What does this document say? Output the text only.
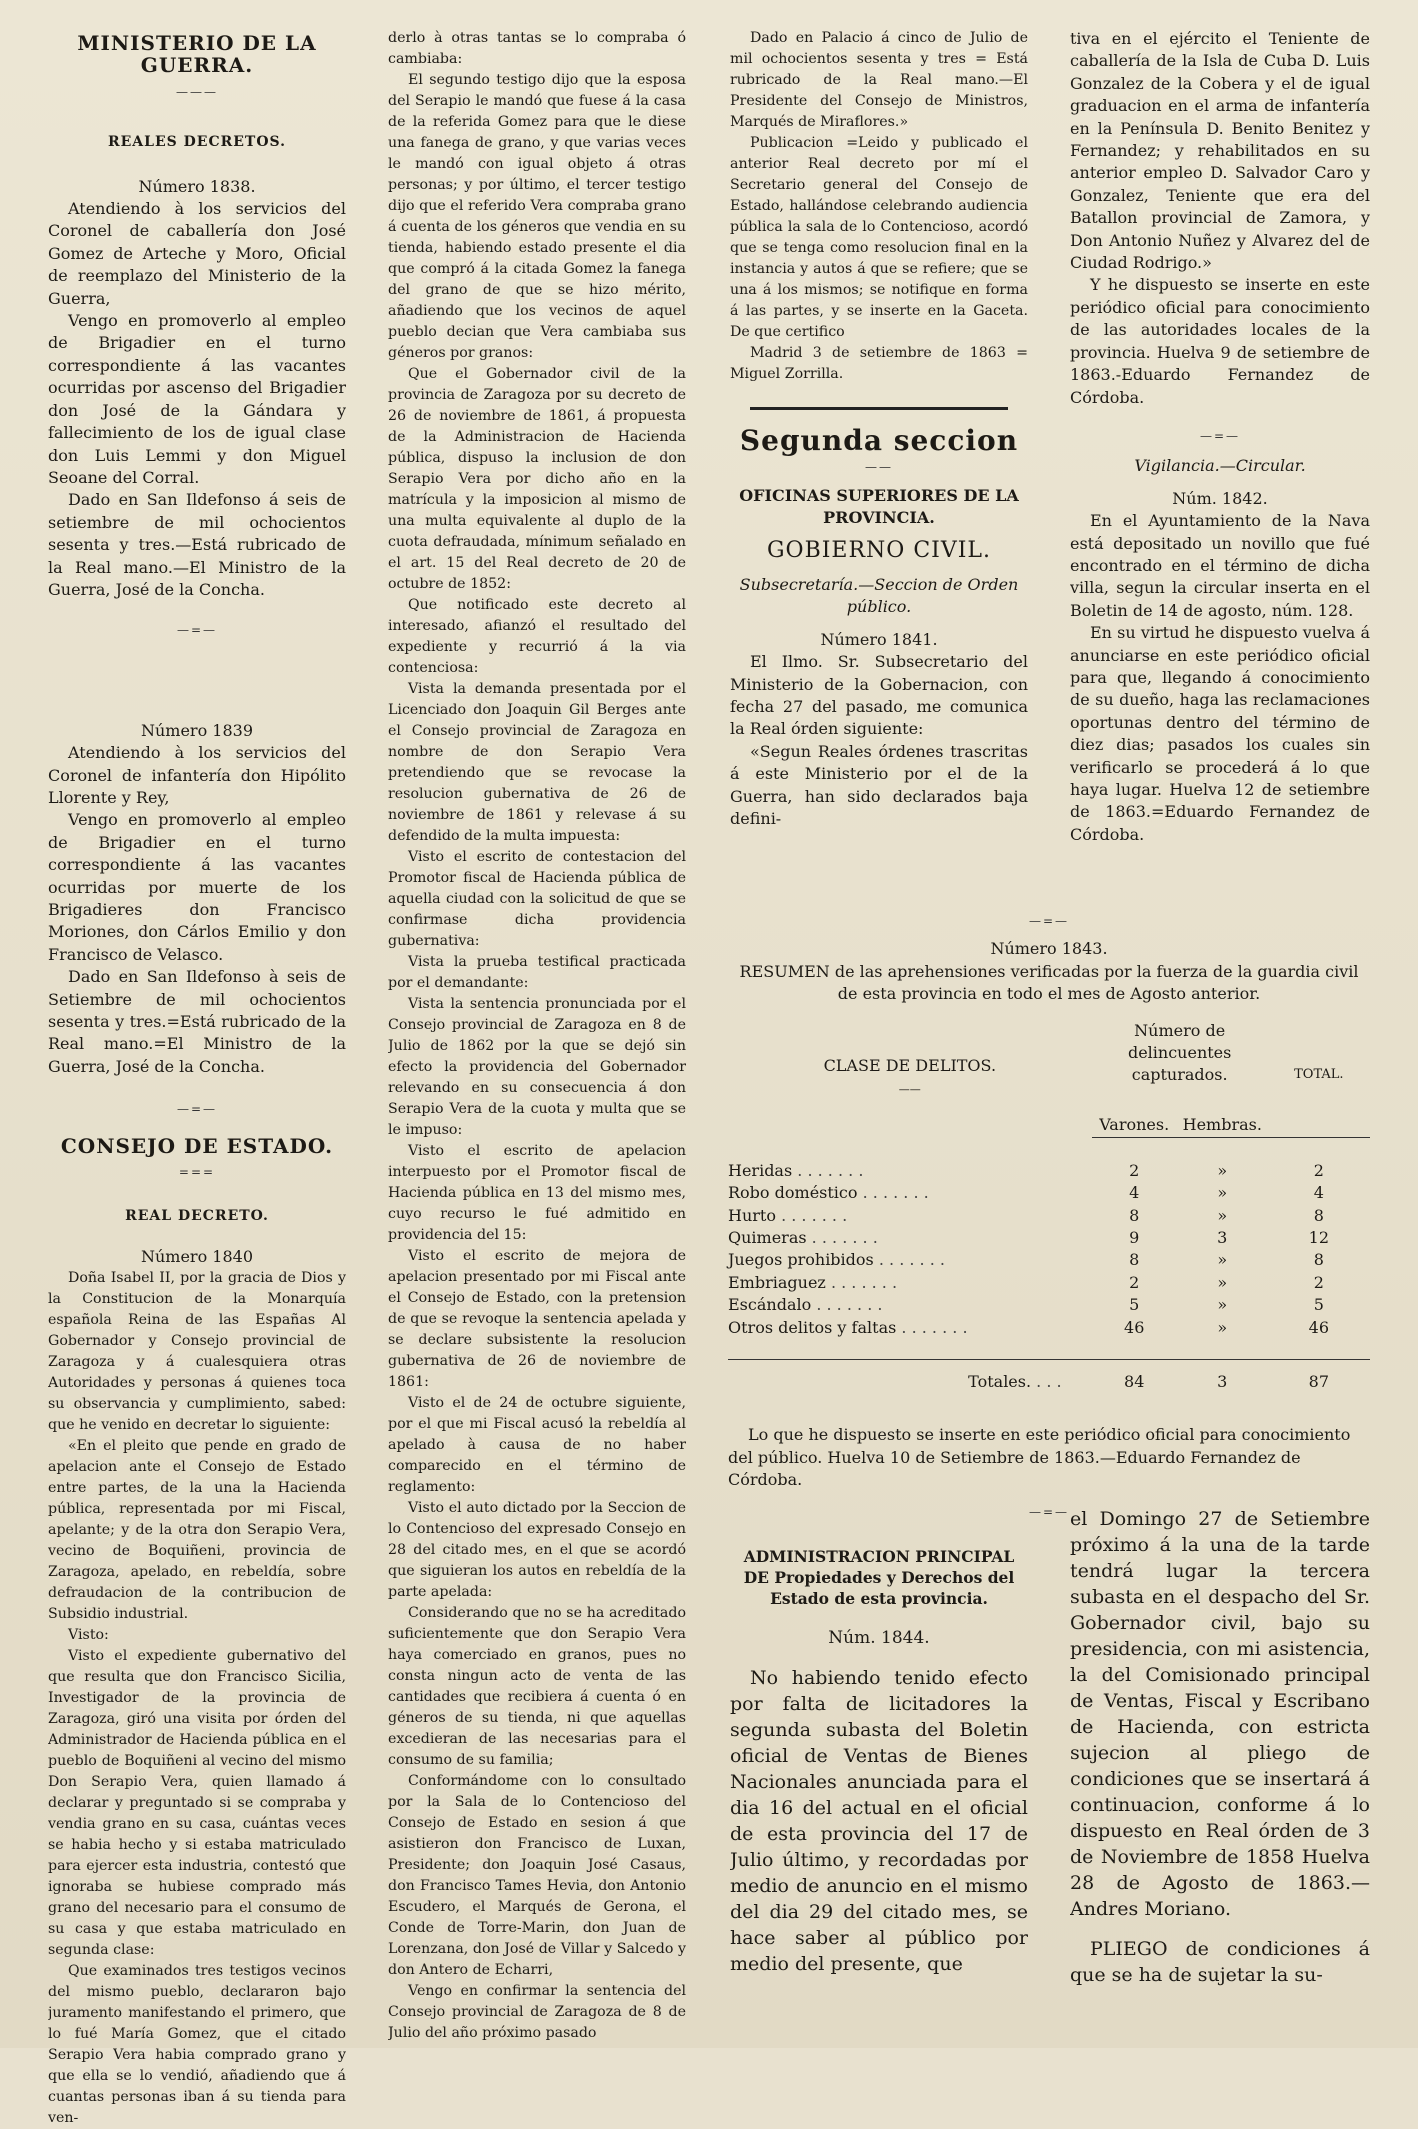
MINISTERIO DE LA GUERRA.
———
REALES DECRETOS.
Número 1838.

Atendiendo à los servicios del Coronel de caballería don José Gomez de Arteche y Moro, Oficial de reemplazo del Ministerio de la Guerra,

Vengo en promoverlo al empleo de Brigadier en el turno correspondiente á las vacantes ocurridas por ascenso del Brigadier don José de la Gándara y fallecimiento de los de igual clase don Luis Lemmi y don Miguel Seoane del Corral.

Dado en San Ildefonso á seis de setiembre de mil ochocientos sesenta y tres.—Está rubricado de la Real mano.—El Ministro de la Guerra, José de la Concha.

—=—
Número 1839

Atendiendo à los servicios del Coronel de infantería don Hipólito Llorente y Rey,

Vengo en promoverlo al empleo de Brigadier en el turno correspondiente á las vacantes ocurridas por muerte de los Brigadieres don Francisco Moriones, don Cárlos Emilio y don Francisco de Velasco.

Dado en San Ildefonso à seis de Setiembre de mil ochocientos sesenta y tres.=Está rubricado de la Real mano.=El Ministro de la Guerra, José de la Concha.

—=—
CONSEJO DE ESTADO.
===
REAL DECRETO.
Número 1840

Doña Isabel II, por la gracia de Dios y la Constitucion de la Monarquía española Reina de las Españas Al Gobernador y Consejo provincial de Zaragoza y á cualesquiera otras Autoridades y personas á quienes toca su observancia y cumplimiento, sabed: que he venido en decretar lo siguiente:

«En el pleito que pende en grado de apelacion ante el Consejo de Estado entre partes, de la una la Hacienda pública, representada por mi Fiscal, apelante; y de la otra don Serapio Vera, vecino de Boquiñeni, provincia de Zaragoza, apelado, en rebeldía, sobre defraudacion de la contribucion de Subsidio industrial.

Visto:

Visto el expediente gubernativo del que resulta que don Francisco Sicilia, Investigador de la provincia de Zaragoza, giró una visita por órden del Administrador de Hacienda pública en el pueblo de Boquiñeni al vecino del mismo Don Serapio Vera, quien llamado á declarar y preguntado si se compraba y vendia grano en su casa, cuántas veces se habia hecho y si estaba matriculado para ejercer esta industria, contestó que ignoraba se hubiese comprado más grano del necesario para el consumo de su casa y que estaba matriculado en segunda clase:

Que examinados tres testigos vecinos del mismo pueblo, declararon bajo juramento manifestando el primero, que lo fué María Gomez, que el citado Serapio Vera habia comprado grano y que ella se lo vendió, añadiendo que á cuantas personas iban á su tienda para ven-

derlo à otras tantas se lo compraba ó cambiaba:

El segundo testigo dijo que la esposa del Serapio le mandó que fuese á la casa de la referida Gomez para que le diese una fanega de grano, y que varias veces le mandó con igual objeto á otras personas; y por último, el tercer testigo dijo que el referido Vera compraba grano á cuenta de los géneros que vendia en su tienda, habiendo estado presente el dia que compró á la citada Gomez la fanega del grano de que se hizo mérito, añadiendo que los vecinos de aquel pueblo decian que Vera cambiaba sus géneros por granos:

Que el Gobernador civil de la provincia de Zaragoza por su decreto de 26 de noviembre de 1861, á propuesta de la Administracion de Hacienda pública, dispuso la inclusion de don Serapio Vera por dicho año en la matrícula y la imposicion al mismo de una multa equivalente al duplo de la cuota defraudada, mínimum señalado en el art. 15 del Real decreto de 20 de octubre de 1852:

Que notificado este decreto al interesado, afianzó el resultado del expediente y recurrió á la via contenciosa:

Vista la demanda presentada por el Licenciado don Joaquin Gil Berges ante el Consejo provincial de Zaragoza en nombre de don Serapio Vera pretendiendo que se revocase la resolucion gubernativa de 26 de noviembre de 1861 y relevase á su defendido de la multa impuesta:

Visto el escrito de contestacion del Promotor fiscal de Hacienda pública de aquella ciudad con la solicitud de que se confirmase dicha providencia gubernativa:

Vista la prueba testifical practicada por el demandante:

Vista la sentencia pronunciada por el Consejo provincial de Zaragoza en 8 de Julio de 1862 por la que se dejó sin efecto la providencia del Gobernador relevando en su consecuencia á don Serapio Vera de la cuota y multa que se le impuso:

Visto el escrito de apelacion interpuesto por el Promotor fiscal de Hacienda pública en 13 del mismo mes, cuyo recurso le fué admitido en providencia del 15:

Visto el escrito de mejora de apelacion presentado por mi Fiscal ante el Consejo de Estado, con la pretension de que se revoque la sentencia apelada y se declare subsistente la resolucion gubernativa de 26 de noviembre de 1861:

Visto el de 24 de octubre siguiente, por el que mi Fiscal acusó la rebeldía al apelado à causa de no haber comparecido en el término de reglamento:

Visto el auto dictado por la Seccion de lo Contencioso del expresado Consejo en 28 del citado mes, en el que se acordó que siguieran los autos en rebeldía de la parte apelada:

Considerando que no se ha acreditado suficientemente que don Serapio Vera haya comerciado en granos, pues no consta ningun acto de venta de las cantidades que recibiera á cuenta ó en géneros de su tienda, ni que aquellas excedieran de las necesarias para el consumo de su familia;

Conformándome con lo consultado por la Sala de lo Contencioso del Consejo de Estado en sesion á que asistieron don Francisco de Luxan, Presidente; don Joaquin José Casaus, don Francisco Tames Hevia, don Antonio Escudero, el Marqués de Gerona, el Conde de Torre-Marin, don Juan de Lorenzana, don José de Villar y Salcedo y don Antero de Echarri,

Vengo en confirmar la sentencia del Consejo provincial de Zaragoza de 8 de Julio del año próximo pasado

Dado en Palacio á cinco de Julio de mil ochocientos sesenta y tres = Está rubricado de la Real mano.—El Presidente del Consejo de Ministros, Marqués de Miraflores.»

Publicacion =Leido y publicado el anterior Real decreto por mí el Secretario general del Consejo de Estado, hallándose celebrando audiencia pública la sala de lo Contencioso, acordó que se tenga como resolucion final en la instancia y autos á que se refiere; que se una á los mismos; se notifique en forma á las partes, y se inserte en la Gaceta. De que certifico

Madrid 3 de setiembre de 1863 = Miguel Zorrilla.

Segunda seccion
——
OFICINAS SUPERIORES DE LA PROVINCIA.
GOBIERNO CIVIL.
Subsecretaría.—Seccion de Orden público.
Número 1841.

El Ilmo. Sr. Subsecretario del Ministerio de la Gobernacion, con fecha 27 del pasado, me comunica la Real órden siguiente:

«Segun Reales órdenes trascritas á este Ministerio por el de la Guerra, han sido declarados baja defini-

tiva en el ejército el Teniente de caballería de la Isla de Cuba D. Luis Gonzalez de la Cobera y el de igual graduacion en el arma de infantería en la Península D. Benito Benitez y Fernandez; y rehabilitados en su anterior empleo D. Salvador Caro y Gonzalez, Teniente que era del Batallon provincial de Zamora, y Don Antonio Nuñez y Alvarez del de Ciudad Rodrigo.»

Y he dispuesto se inserte en este periódico oficial para conocimiento de las autoridades locales de la provincia. Huelva 9 de setiembre de 1863.-Eduardo Fernandez de Córdoba.

—=—
Vigilancia.—Circular.
Núm. 1842.

En el Ayuntamiento de la Nava está depositado un novillo que fué encontrado en el término de dicha villa, segun la circular inserta en el Boletin de 14 de agosto, núm. 128.

En su virtud he dispuesto vuelva á anunciarse en este periódico oficial para que, llegando á conocimiento de su dueño, haga las reclamaciones oportunas dentro del término de diez dias; pasados los cuales sin verificarlo se procederá á lo que haya lugar. Huelva 12 de setiembre de 1863.=Eduardo Fernandez de Córdoba.

—=—
Número 1843.
RESUMEN de las aprehensiones verificadas por la fuerza de la guardia civil de esta provincia en todo el mes de Agosto anterior.
CLASE DE DELITOS.
——	Número de delincuentes capturados.		TOTAL.
	Varones.	Hembras.	

Heridas . . . . . . .	2	»	2
Robo doméstico . . . . . . .	4	»	4
Hurto . . . . . . .	8	»	8
Quimeras . . . . . . .	9	3	12
Juegos prohibidos . . . . . . .	8	»	8
Embriaguez . . . . . . .	2	»	2
Escándalo . . . . . . .	5	»	5
Otros delitos y faltas . . . . . . .	46	»	46

Totales. . . .	84	3	87

Lo que he dispuesto se inserte en este periódico oficial para conocimiento del público. Huelva 10 de Setiembre de 1863.—Eduardo Fernandez de Córdoba.

—=—
ADMINISTRACION PRINCIPAL DE Propiedades y Derechos del Estado de esta provincia.
Núm. 1844.

No habiendo tenido efecto por falta de licitadores la segunda subasta del Boletin oficial de Ventas de Bienes Nacionales anunciada para el dia 16 del actual en el oficial de esta provincia del 17 de Julio último, y recordadas por medio de anuncio en el mismo del dia 29 del citado mes, se hace saber al público por medio del presente, que

el Domingo 27 de Setiembre próximo á la una de la tarde tendrá lugar la tercera subasta en el despacho del Sr. Gobernador civil, bajo su presidencia, con mi asistencia, la del Comisionado principal de Ventas, Fiscal y Escribano de Hacienda, con estricta sujecion al pliego de condiciones que se insertará á continuacion, conforme á lo dispuesto en Real órden de 3 de Noviembre de 1858 Huelva 28 de Agosto de 1863.—Andres Moriano.

PLIEGO de condiciones á que se ha de sujetar la su-
